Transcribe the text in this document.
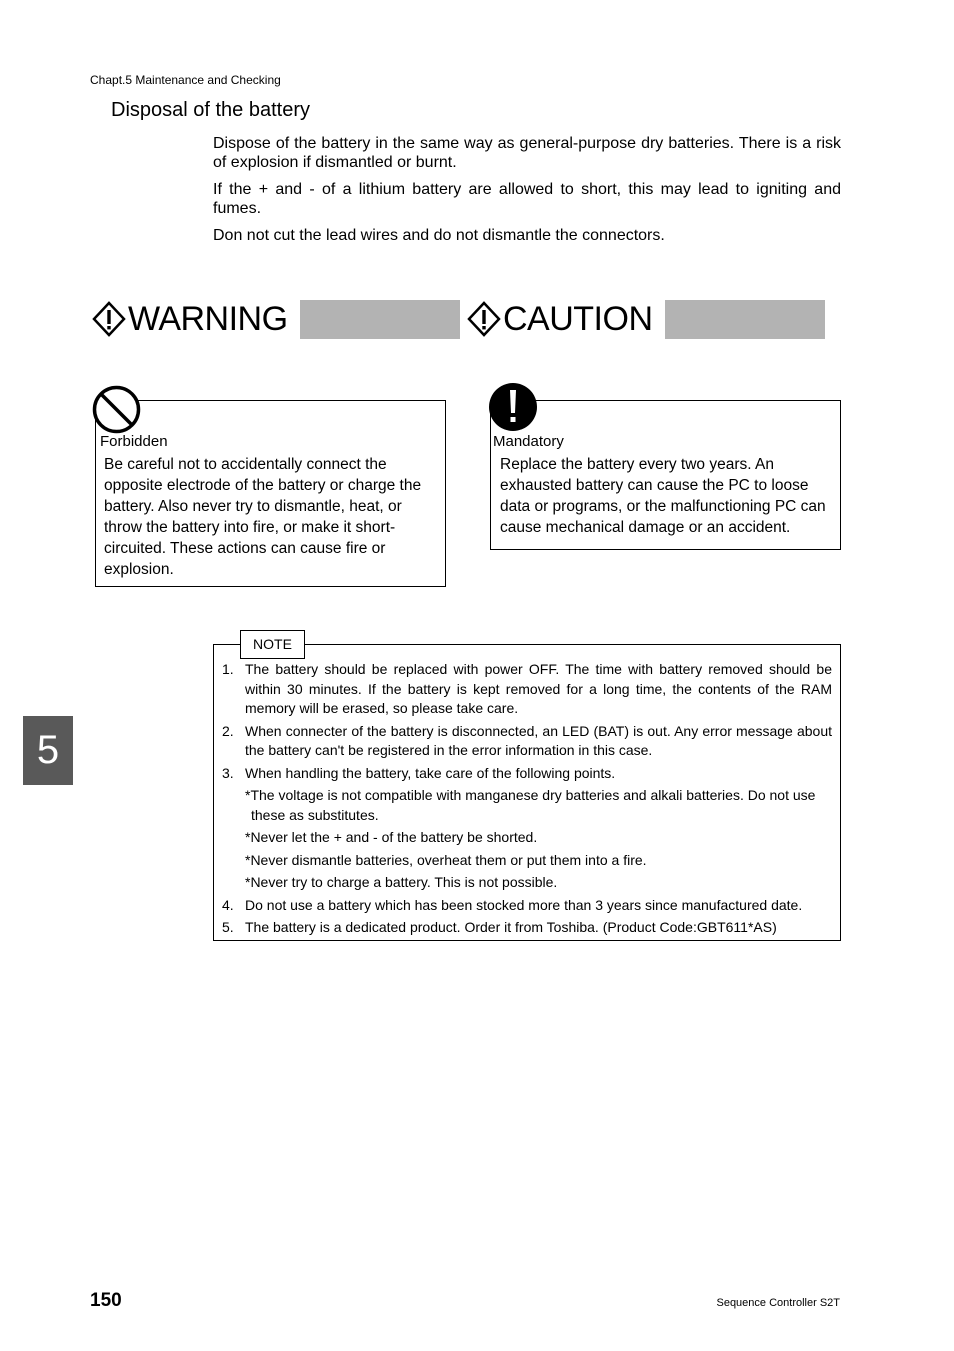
Chapt.5 Maintenance and Checking
Disposal of the battery

Dispose of the battery in the same way as general-purpose dry batteries. There is a risk of explosion if dismantled or burnt.

If the + and - of a lithium battery are allowed to short, this may lead to igniting and fumes.

Don not cut the lead wires and do not dismantle the connectors.

WARNING	CAUTION
Forbidden
Be careful not to accidentally connect the opposite electrode of the battery or charge the battery. Also never try to dismantle, heat, or throw the battery into fire, or make it short-circuited. These actions can cause fire or explosion.
Mandatory
Replace the battery every two years. An exhausted battery can cause the PC to loose data or programs, or the malfunctioning PC can cause mechanical damage or an accident.
NOTE
1. The battery should be replaced with power OFF. The time with battery removed should be within 30 minutes. If the battery is kept removed for a long time, the contents of the RAM memory will be erased, so please take care.
2. When connecter of the battery is disconnected, an LED (BAT) is out. Any error message about the battery can't be registered in the error information in this case.
3. When handling the battery, take care of the following points.
*The voltage is not compatible with manganese dry batteries and alkali batteries. Do not use
these as substitutes.
*Never let the + and - of the battery be shorted.
*Never dismantle batteries, overheat them or put them into a fire.
*Never try to charge a battery. This is not possible.
4. Do not use a battery which has been stocked more than 3 years since manufactured date.
5. The battery is a dedicated product. Order it from Toshiba. (Product Code:GBT611*AS)
5
150	Sequence Controller S2T
